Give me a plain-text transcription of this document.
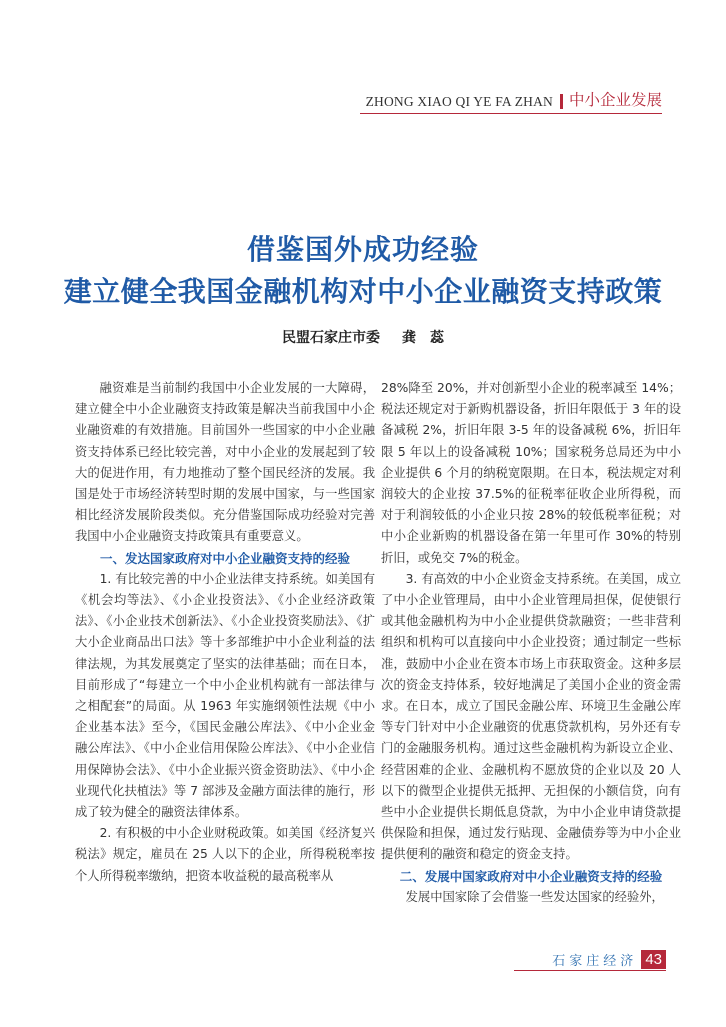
ZHONG XIAO QI YE FA ZHAN 中小企业发展
借鉴国外成功经验
建立健全我国金融机构对中小企业融资支持政策
民盟石家庄市委 龚　蕊

融资难是当前制约我国中小企业发展的一大障碍，建立健全中小企业融资支持政策是解决当前我国中小企业融资难的有效措施。目前国外一些国家的中小企业融资支持体系已经比较完善，对中小企业的发展起到了较大的促进作用，有力地推动了整个国民经济的发展。我国是处于市场经济转型时期的发展中国家，与一些国家相比经济发展阶段类似。充分借鉴国际成功经验对完善我国中小企业融资支持政策具有重要意义。

一、发达国家政府对中小企业融资支持的经验

1. 有比较完善的中小企业法律支持系统。如美国有《机会均等法》、《小企业投资法》、《小企业经济政策法》、《小企业技术创新法》、《小企业投资奖励法》、《扩大小企业商品出口法》等十多部维护中小企业利益的法律法规，为其发展奠定了坚实的法律基础；而在日本，目前形成了“每建立一个中小企业机构就有一部法律与之相配套”的局面。从 1963 年实施纲领性法规《中小企业基本法》至今，《国民金融公库法》、《中小企业金融公库法》、《中小企业信用保险公库法》、《中小企业信用保障协会法》、《中小企业振兴资金资助法》、《中小企业现代化扶植法》等 7 部涉及金融方面法律的施行，形成了较为健全的融资法律体系。

2. 有积极的中小企业财税政策。如美国《经济复兴税法》规定，雇员在 25 人以下的企业，所得税税率按个人所得税率缴纳，把资本收益税的最高税率从

28%降至 20%，并对创新型小企业的税率减至 14%；税法还规定对于新购机器设备，折旧年限低于 3 年的设备减税 2%，折旧年限 3-5 年的设备减税 6%，折旧年限 5 年以上的设备减税 10%；国家税务总局还为中小企业提供 6 个月的纳税宽限期。在日本，税法规定对利润较大的企业按 37.5%的征税率征收企业所得税，而对于利润较低的小企业只按 28%的较低税率征税；对中小企业新购的机器设备在第一年里可作 30%的特别折旧，或免交 7%的税金。

3. 有高效的中小企业资金支持系统。在美国，成立了中小企业管理局，由中小企业管理局担保，促使银行或其他金融机构为中小企业提供贷款融资；一些非营利组织和机构可以直接向中小企业投资；通过制定一些标准，鼓励中小企业在资本市场上市获取资金。这种多层次的资金支持体系，较好地满足了美国小企业的资金需求。在日本，成立了国民金融公库、环境卫生金融公库等专门针对中小企业融资的优惠贷款机构，另外还有专门的金融服务机构。通过这些金融机构为新设立企业、经营困难的企业、金融机构不愿放贷的企业以及 20 人以下的微型企业提供无抵押、无担保的小额信贷，向有些中小企业提供长期低息贷款，为中小企业申请贷款提供保险和担保，通过发行贴现、金融债券等为中小企业提供便利的融资和稳定的资金支持。

二、发展中国家政府对中小企业融资支持的经验

发展中国家除了会借鉴一些发达国家的经验外，

石家庄经济 43
